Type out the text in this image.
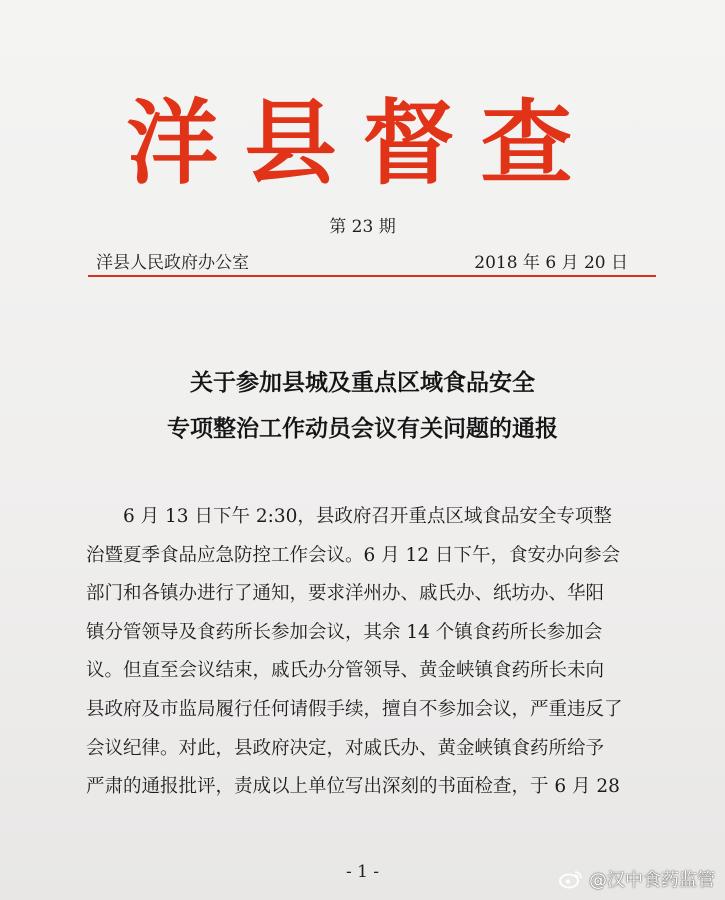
洋县督查
第 23 期
洋县人民政府办公室	2018 年 6 月 20 日
关于参加县城及重点区域食品安全
专项整治工作动员会议有关问题的通报
6 月 13 日下午 2:30，县政府召开重点区域食品安全专项整
治暨夏季食品应急防控工作会议。6 月 12 日下午，食安办向参会
部门和各镇办进行了通知，要求洋州办、戚氏办、纸坊办、华阳
镇分管领导及食药所长参加会议，其余 14 个镇食药所长参加会
议。但直至会议结束，戚氏办分管领导、黄金峡镇食药所长未向
县政府及市监局履行任何请假手续，擅自不参加会议，严重违反了
会议纪律。对此，县政府决定，对戚氏办、黄金峡镇食药所给予
严肃的通报批评，责成以上单位写出深刻的书面检查，于 6 月 28
- 1 -	@汉中食药监管
